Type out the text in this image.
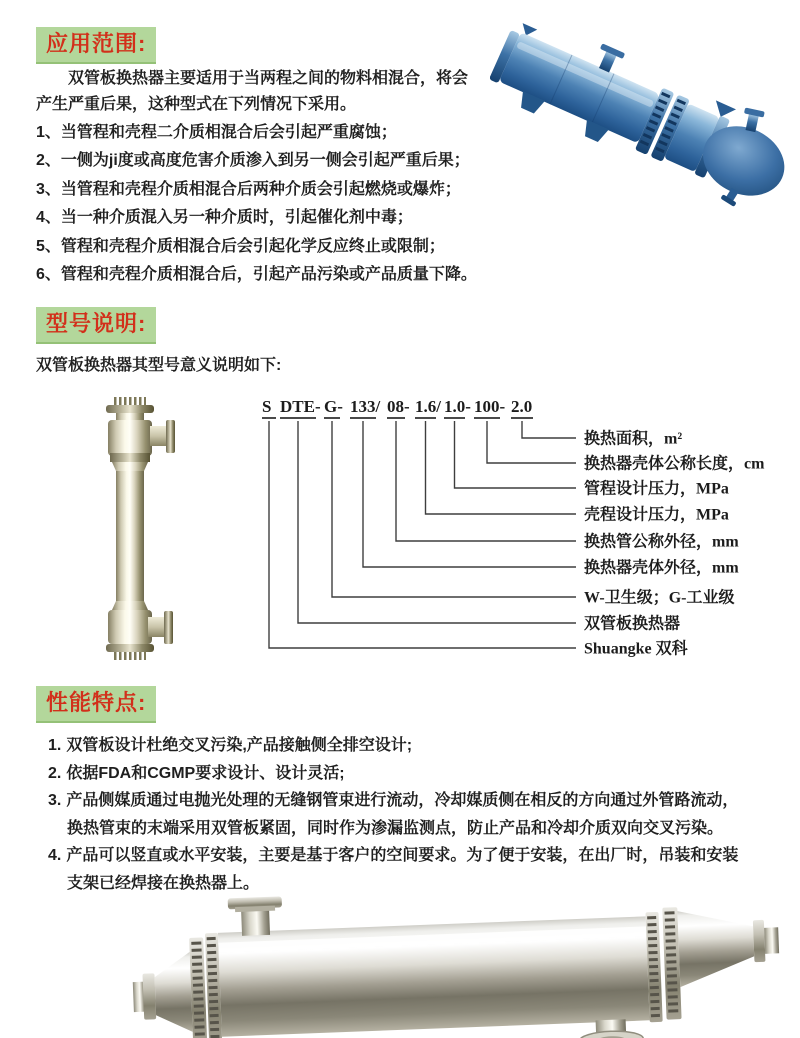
应用范围:
双管板换热器主要适用于当两程之间的物料相混合，将会
产生严重后果，这种型式在下列情况下采用。
1、当管程和壳程二介质相混合后会引起严重腐蚀；
2、一侧为ji度或高度危害介质渗入到另一侧会引起严重后果；
3、当管程和壳程介质相混合后两种介质会引起燃烧或爆炸；
4、当一种介质混入另一种介质时，引起催化剂中毒；
5、管程和壳程介质相混合后会引起化学反应终止或限制；
6、管程和壳程介质相混合后，引起产品污染或产品质量下降。
型号说明:
双管板换热器其型号意义说明如下:
S DTE- G- 133/ 08- 1.6/ 1.0- 100- 2.0
换热面积，m²
换热器壳体公称长度，cm
管程设计压力，MPa
壳程设计压力，MPa
换热管公称外径，mm
换热器壳体外径，mm
W-卫生级；G-工业级
双管板换热器
Shuangke 双科
性能特点:
1. 双管板设计杜绝交叉污染,产品接触侧全排空设计;
2. 依据FDA和CGMP要求设计、设计灵活;
3. 产品侧媒质通过电抛光处理的无缝钢管束进行流动，冷却媒质侧在相反的方向通过外管路流动，
换热管束的末端采用双管板紧固，同时作为渗漏监测点，防止产品和冷却介质双向交叉污染。
4. 产品可以竖直或水平安装，主要是基于客户的空间要求。为了便于安装，在出厂时，吊装和安装
支架已经焊接在换热器上。
